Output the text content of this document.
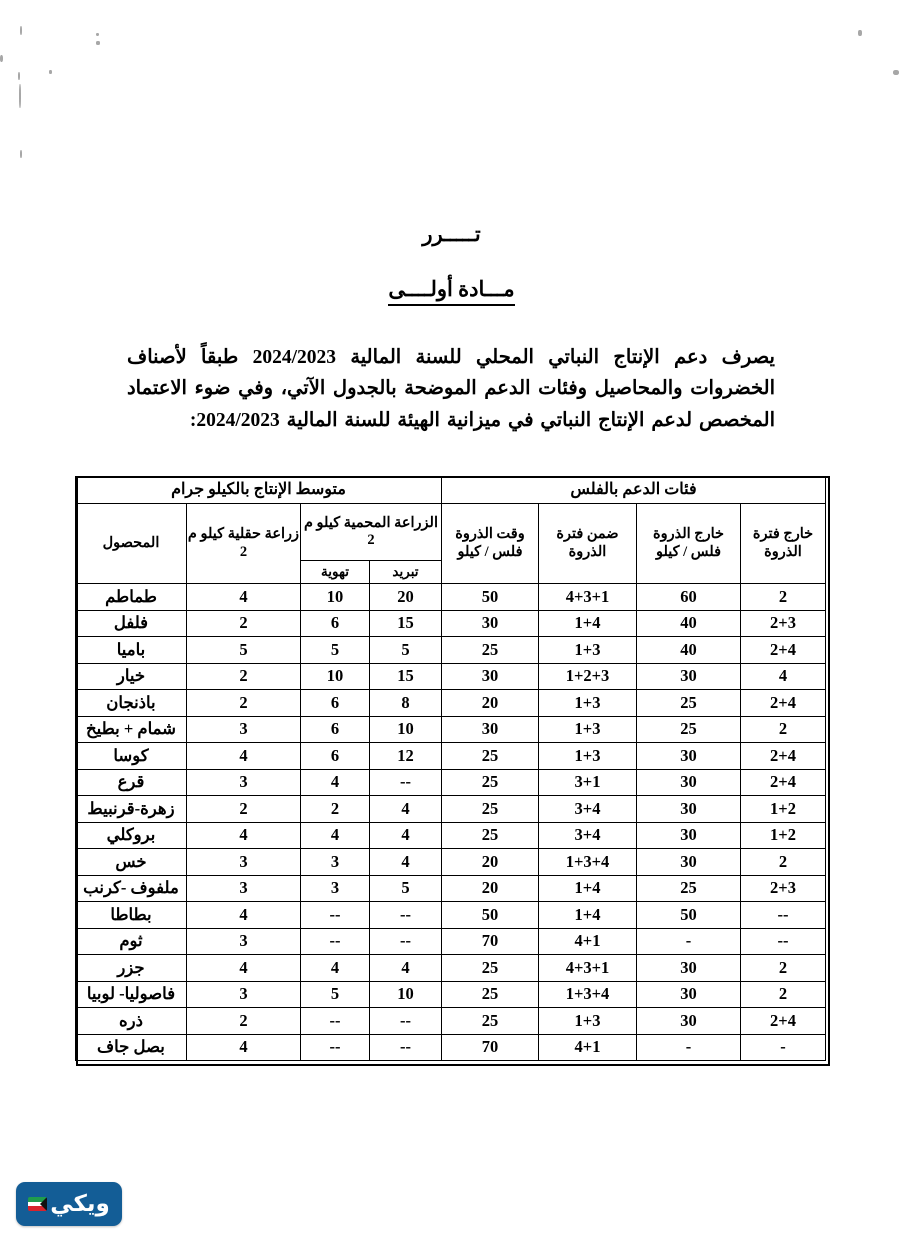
تـــــرر
مـــادة أولــــى

يصرف دعم الإنتاج النباتي المحلي للسنة المالية 2024/2023 طبقاً لأصناف الخضروات والمحاصيل وفئات الدعم الموضحة بالجدول الآتي، وفي ضوء الاعتماد المخصص لدعم الإنتاج النباتي في ميزانية الهيئة للسنة المالية 2024/2023:

فئات الدعم بالفلس				متوسط الإنتاج بالكيلو جرام			
خارج فترة الذروة	خارج الذروة فلس / كيلو	ضمن فترة الذروة	وقت الذروة فلس / كيلو	الزراعة المحمية كيلو م 2		زراعة حقلية كيلو م 2	المحصول
				تبريد	تهوية		
2	60	4+3+1	50	20	10	4	طماطم
2+3	40	1+4	30	15	6	2	فلفل
2+4	40	1+3	25	5	5	5	باميا
4	30	1+2+3	30	15	10	2	خيار
2+4	25	1+3	20	8	6	2	باذنجان
2	25	1+3	30	10	6	3	شمام + بطيخ
2+4	30	1+3	25	12	6	4	كوسا
2+4	30	3+1	25	--	4	3	قرع
1+2	30	3+4	25	4	2	2	زهرة-قرنبيط
1+2	30	3+4	25	4	4	4	بروكلي
2	30	1+3+4	20	4	3	3	خس
2+3	25	1+4	20	5	3	3	ملفوف -كرنب
--	50	1+4	50	--	--	4	بطاطا
--	-	4+1	70	--	--	3	ثوم
2	30	4+3+1	25	4	4	4	جزر
2	30	1+3+4	25	10	5	3	فاصوليا- لوبيا
2+4	30	1+3	25	--	--	2	ذره
-	-	4+1	70	--	--	4	بصل جاف
ويكي
